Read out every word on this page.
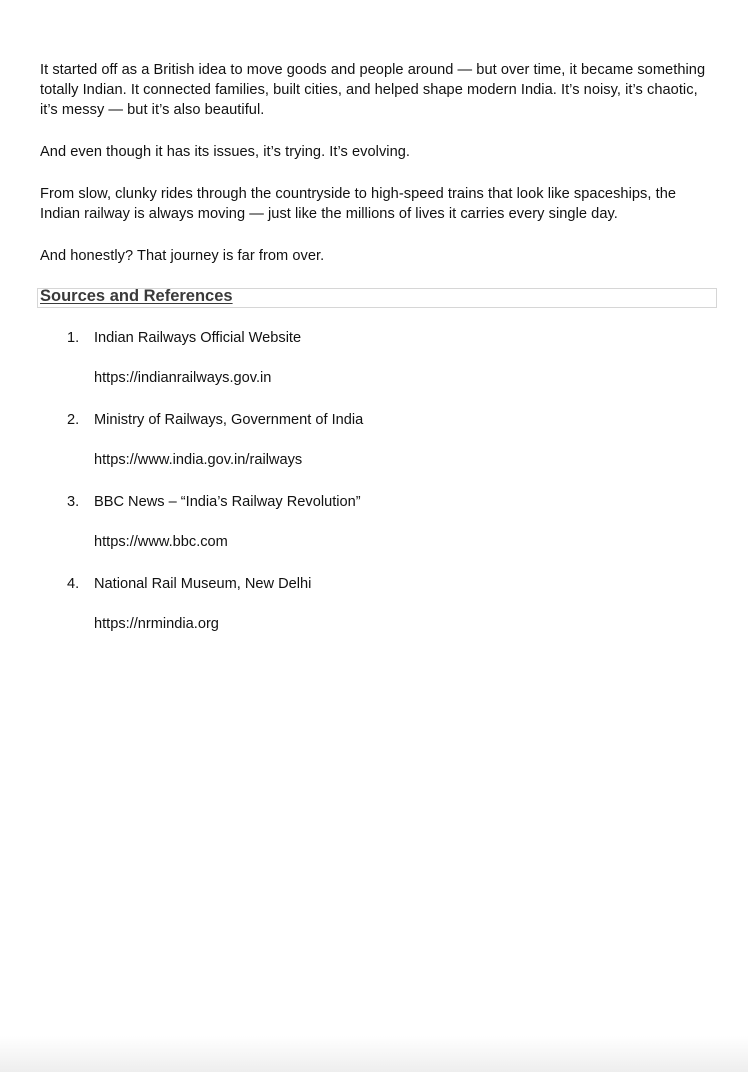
It started off as a British idea to move goods and people around — but over time, it became something totally Indian. It connected families, built cities, and helped shape modern India. It’s noisy, it’s chaotic, it’s messy — but it’s also beautiful.

And even though it has its issues, it’s trying. It’s evolving.

From slow, clunky rides through the countryside to high-speed trains that look like spaceships, the Indian railway is always moving — just like the millions of lives it carries every single day.

And honestly? That journey is far from over.

Sources and References
1. Indian Railways Official Website
https://indianrailways.gov.in
2. Ministry of Railways, Government of India
https://www.india.gov.in/railways
3. BBC News – “India’s Railway Revolution”
https://www.bbc.com
4. National Rail Museum, New Delhi
https://nrmindia.org
